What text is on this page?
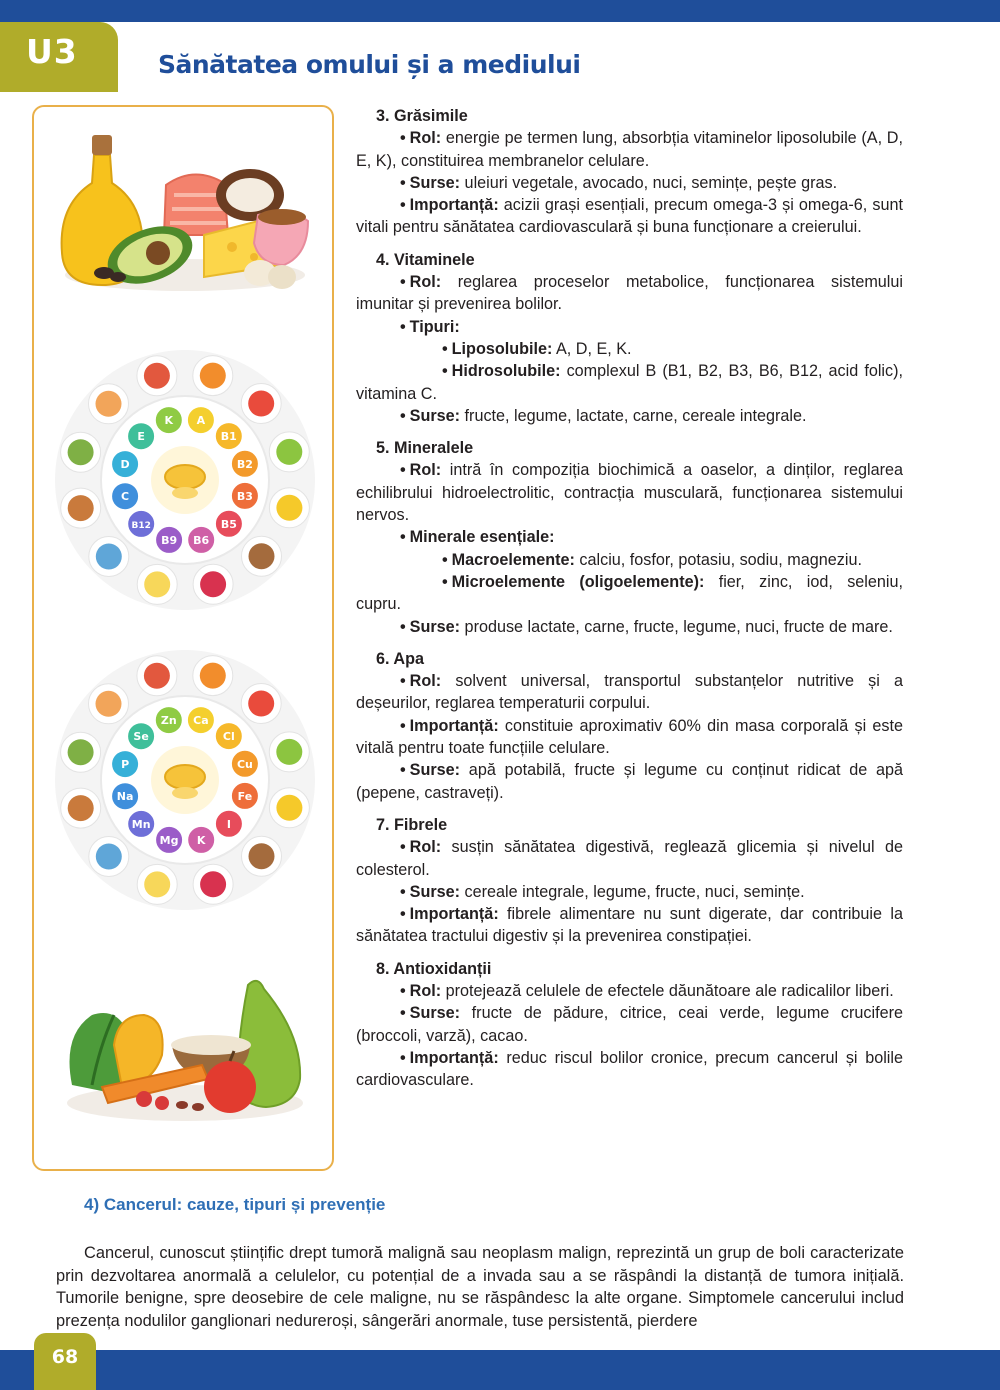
U3	Sănătatea omului și a mediului
A
B1
B2
B3
B5
B6
B9
B12
C
D
E
K
Ca
Cl
Cu
Fe
I
K
Mg
Mn
Na
P
Se
Zn

3. Grăsimile

• Rol: energie pe termen lung, absorbția vitaminelor liposolubile (A, D, E, K), constituirea membranelor celulare.

• Surse: uleiuri vegetale, avocado, nuci, semințe, pește gras.

• Importanță: acizii grași esențiali, precum omega-3 și omega-6, sunt vitali pentru sănătatea cardiovasculară și buna funcționare a creierului.

4. Vitaminele

• Rol: reglarea proceselor metabolice, funcționarea sistemului imunitar și prevenirea bolilor.

• Tipuri:

• Liposolubile: A, D, E, K.

• Hidrosolubile: complexul B (B1, B2, B3, B6, B12, acid folic), vitamina C.

• Surse: fructe, legume, lactate, carne, cereale integrale.

5. Mineralele

• Rol: intră în compoziția biochimică a oaselor, a dinților, reglarea echilibrului hidroelectrolitic, contracția musculară, funcționarea sistemului nervos.

• Minerale esențiale:

• Macroelemente: calciu, fosfor, potasiu, sodiu, magneziu.

• Microelemente (oligoelemente): fier, zinc, iod, seleniu, cupru.

• Surse: produse lactate, carne, fructe, legume, nuci, fructe de mare.

6. Apa

• Rol: solvent universal, transportul substanțelor nutritive și a deșeurilor, reglarea temperaturii corpului.

• Importanță: constituie aproximativ 60% din masa corporală și este vitală pentru toate funcțiile celulare.

• Surse: apă potabilă, fructe și legume cu conținut ridicat de apă (pepene, castraveți).

7. Fibrele

• Rol: susțin sănătatea digestivă, reglează glicemia și nivelul de colesterol.

• Surse: cereale integrale, legume, fructe, nuci, semințe.

• Importanță: fibrele alimentare nu sunt digerate, dar contribuie la sănătatea tractului digestiv și la prevenirea constipației.

8. Antioxidanții

• Rol: protejează celulele de efectele dăunătoare ale radicalilor liberi.

• Surse: fructe de pădure, citrice, ceai verde, legume crucifere (broccoli, varză), cacao.

• Importanță: reduc riscul bolilor cronice, precum cancerul și bolile cardiovasculare.

4) Cancerul: cauze, tipuri și prevenție

Cancerul, cunoscut științific drept tumoră malignă sau neoplasm malign, reprezintă un grup de boli caracterizate prin dezvoltarea anormală a celulelor, cu potențial de a invada sau a se răspândi la distanță de tumora inițială. Tumorile benigne, spre deosebire de cele maligne, nu se răspândesc la alte organe. Simptomele cancerului includ prezența nodulilor ganglionari nedureroși, sângerări anormale, tuse persistentă, pierdere

68
